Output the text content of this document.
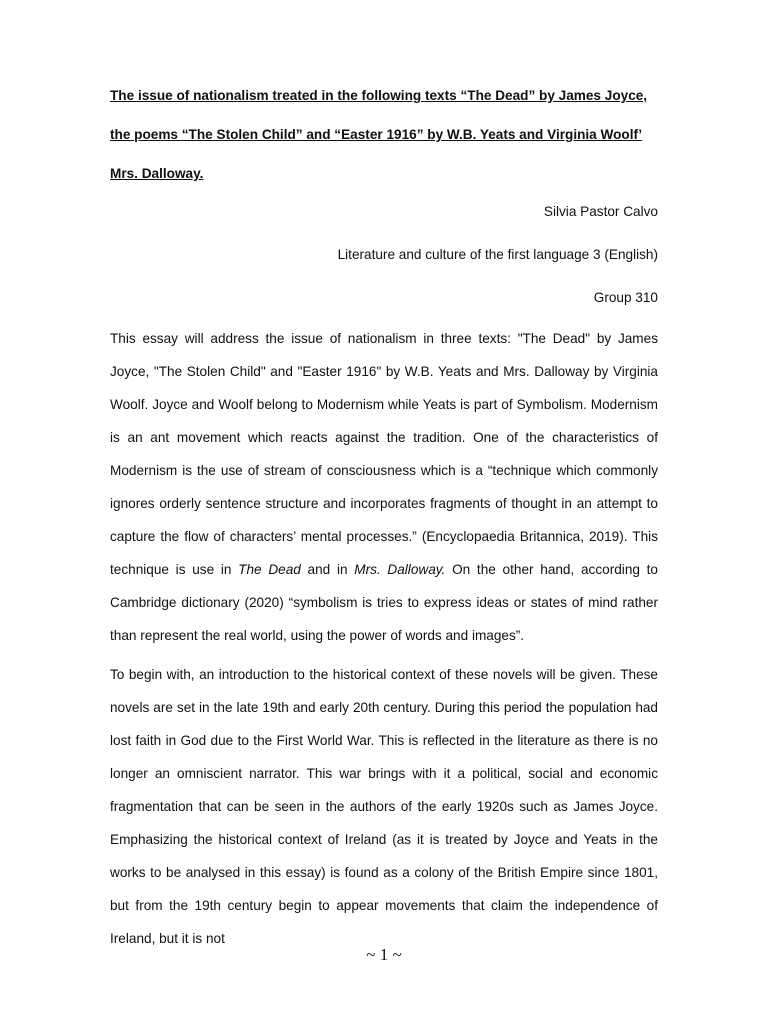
The issue of nationalism treated in the following texts “The Dead” by James Joyce,

the poems “The Stolen Child” and “Easter 1916” by W.B. Yeats and Virginia Woolf’

Mrs. Dalloway.

Silvia Pastor Calvo
Literature and culture of the first language 3 (English)
Group 310

This essay will address the issue of nationalism in three texts: "The Dead" by James Joyce, "The Stolen Child" and "Easter 1916" by W.B. Yeats and Mrs. Dalloway by Virginia Woolf. Joyce and Woolf belong to Modernism while Yeats is part of Symbolism. Modernism is an ant movement which reacts against the tradition. One of the characteristics of Modernism is the use of stream of consciousness which is a “technique which commonly ignores orderly sentence structure and incorporates fragments of thought in an attempt to capture the flow of characters’ mental processes.” (Encyclopaedia Britannica, 2019). This technique is use in The Dead and in Mrs. Dalloway. On the other hand, according to Cambridge dictionary (2020) “symbolism is tries to express ideas or states of mind rather than represent the real world, using the power of words and images”.

To begin with, an introduction to the historical context of these novels will be given. These novels are set in the late 19th and early 20th century. During this period the population had lost faith in God due to the First World War. This is reflected in the literature as there is no longer an omniscient narrator. This war brings with it a political, social and economic fragmentation that can be seen in the authors of the early 1920s such as James Joyce. Emphasizing the historical context of Ireland (as it is treated by Joyce and Yeats in the works to be analysed in this essay) is found as a colony of the British Empire since 1801, but from the 19th century begin to appear movements that claim the independence of Ireland, but it is not

~ 1 ~
